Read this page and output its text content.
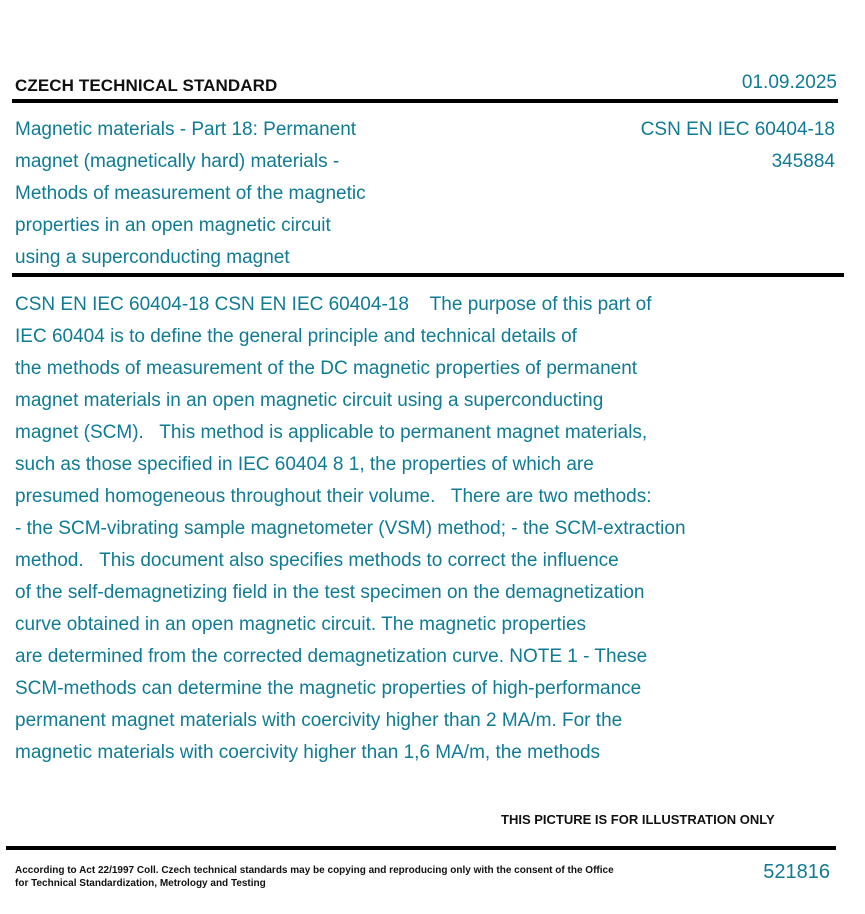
CZECH TECHNICAL STANDARD	01.09.2025
Magnetic materials - Part 18: Permanent
magnet (magnetically hard) materials -
Methods of measurement of the magnetic
properties in an open magnetic circuit
using a superconducting magnet
CSN EN IEC 60404-18
345884
CSN EN IEC 60404-18 CSN EN IEC 60404-18    The purpose of this part of
IEC 60404 is to define the general principle and technical details of
the methods of measurement of the DC magnetic properties of permanent
magnet materials in an open magnetic circuit using a superconducting
magnet (SCM).   This method is applicable to permanent magnet materials,
such as those specified in IEC 60404 8 1, the properties of which are
presumed homogeneous throughout their volume.   There are two methods:
- the SCM-vibrating sample magnetometer (VSM) method; - the SCM-extraction
method.   This document also specifies methods to correct the influence
of the self-demagnetizing field in the test specimen on the demagnetization
curve obtained in an open magnetic circuit. The magnetic properties
are determined from the corrected demagnetization curve. NOTE 1 - These
SCM-methods can determine the magnetic properties of high-performance
permanent magnet materials with coercivity higher than 2 MA/m. For the
magnetic materials with coercivity higher than 1,6 MA/m, the methods
THIS PICTURE IS FOR ILLUSTRATION ONLY
According to Act 22/1997 Coll. Czech technical standards may be copying and reproducing only with the consent of the Office
for Technical Standardization, Metrology and Testing
521816
